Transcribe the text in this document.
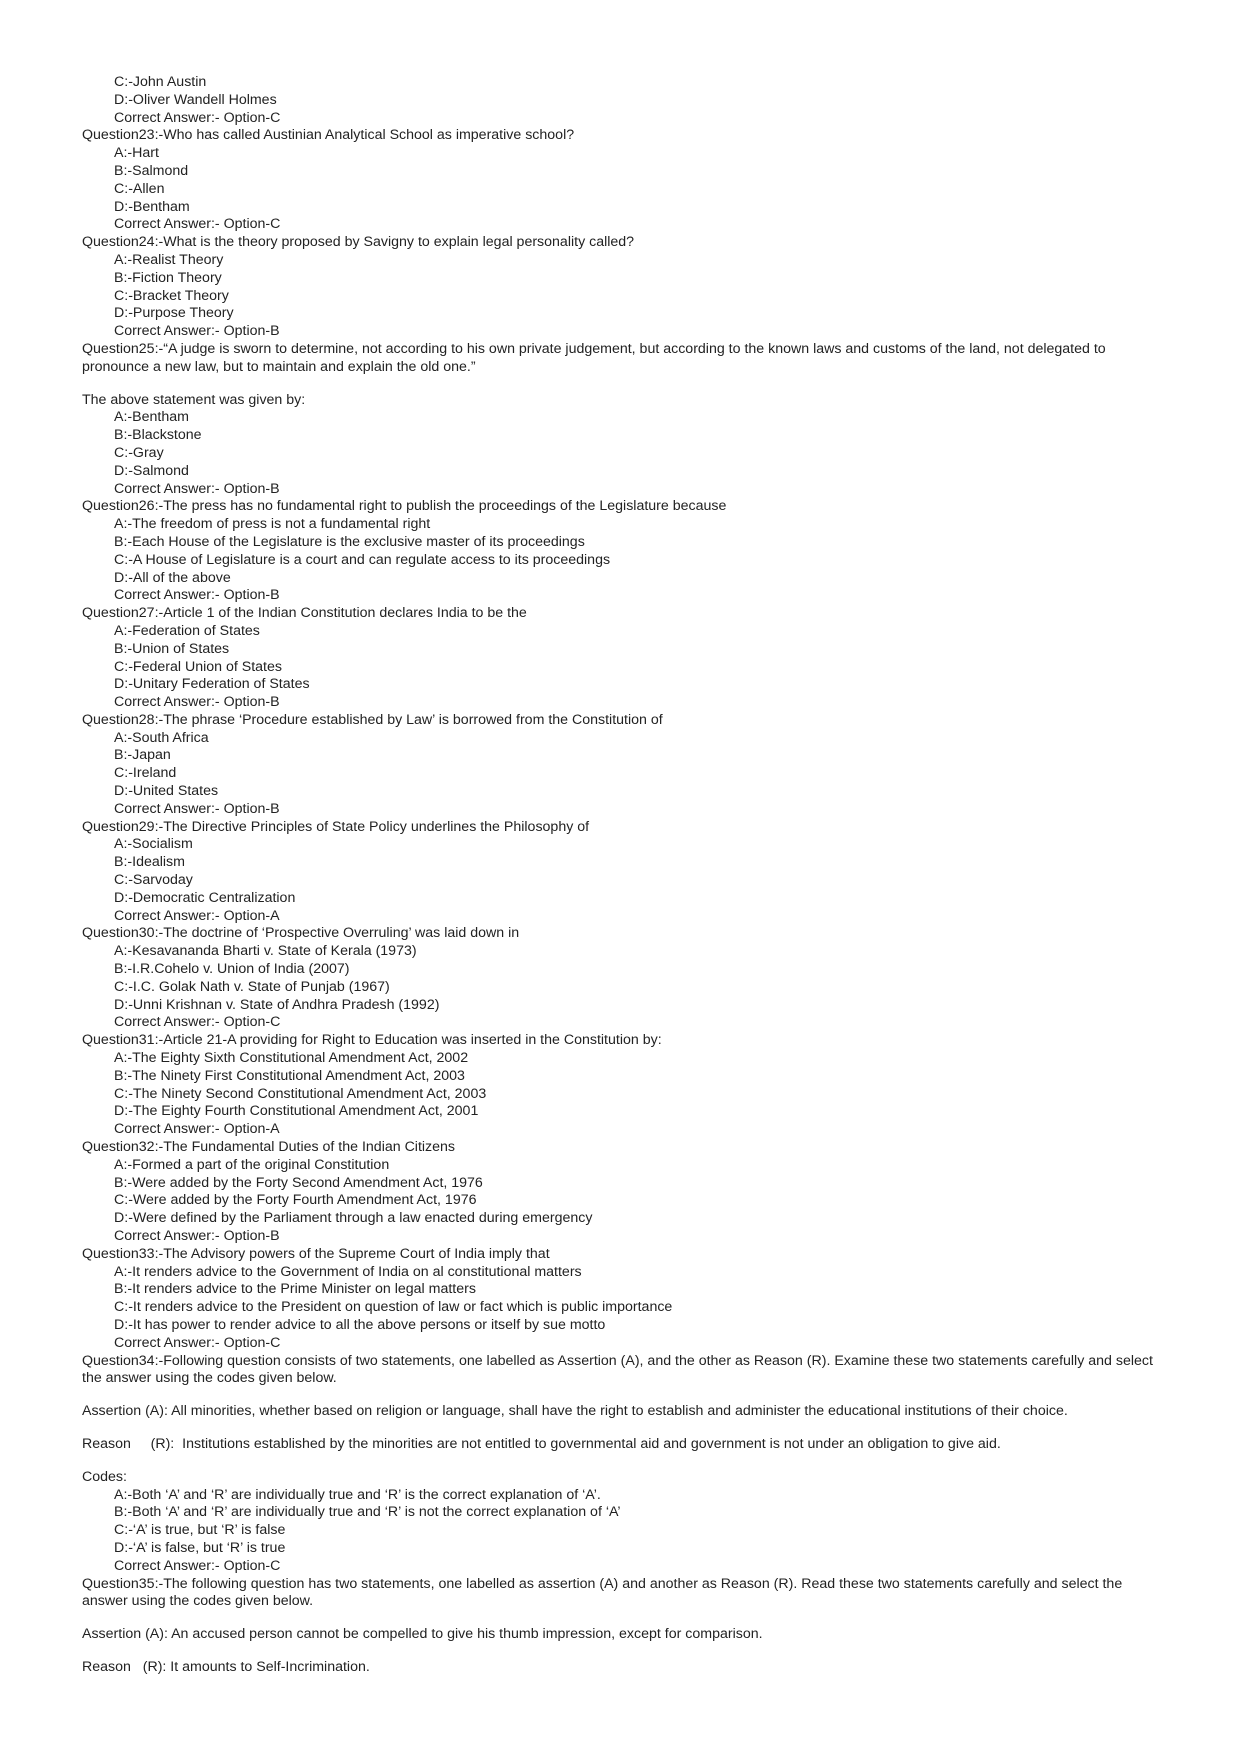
C:-John Austin
D:-Oliver Wandell Holmes
Correct Answer:- Option-C
Question23:-Who has called Austinian Analytical School as imperative school?
A:-Hart
B:-Salmond
C:-Allen
D:-Bentham
Correct Answer:- Option-C
Question24:-What is the theory proposed by Savigny to explain legal personality called?
A:-Realist Theory
B:-Fiction Theory
C:-Bracket Theory
D:-Purpose Theory
Correct Answer:- Option-B
Question25:-“A judge is sworn to determine, not according to his own private judgement, but according to the known laws and customs of the land, not delegated to pronounce a new law, but to maintain and explain the old one.”
The above statement was given by:
A:-Bentham
B:-Blackstone
C:-Gray
D:-Salmond
Correct Answer:- Option-B
Question26:-The press has no fundamental right to publish the proceedings of the Legislature because
A:-The freedom of press is not a fundamental right
B:-Each House of the Legislature is the exclusive master of its proceedings
C:-A House of Legislature is a court and can regulate access to its proceedings
D:-All of the above
Correct Answer:- Option-B
Question27:-Article 1 of the Indian Constitution declares India to be the
A:-Federation of States
B:-Union of States
C:-Federal Union of States
D:-Unitary Federation of States
Correct Answer:- Option-B
Question28:-The phrase ‘Procedure established by Law’ is borrowed from the Constitution of
A:-South Africa
B:-Japan
C:-Ireland
D:-United States
Correct Answer:- Option-B
Question29:-The Directive Principles of State Policy underlines the Philosophy of
A:-Socialism
B:-Idealism
C:-Sarvoday
D:-Democratic Centralization
Correct Answer:- Option-A
Question30:-The doctrine of ‘Prospective Overruling’ was laid down in
A:-Kesavananda Bharti v. State of Kerala (1973)
B:-I.R.Cohelo v. Union of India (2007)
C:-I.C. Golak Nath v. State of Punjab (1967)
D:-Unni Krishnan v. State of Andhra Pradesh (1992)
Correct Answer:- Option-C
Question31:-Article 21-A providing for Right to Education was inserted in the Constitution by:
A:-The Eighty Sixth Constitutional Amendment Act, 2002
B:-The Ninety First Constitutional Amendment Act, 2003
C:-The Ninety Second Constitutional Amendment Act, 2003
D:-The Eighty Fourth Constitutional Amendment Act, 2001
Correct Answer:- Option-A
Question32:-The Fundamental Duties of the Indian Citizens
A:-Formed a part of the original Constitution
B:-Were added by the Forty Second Amendment Act, 1976
C:-Were added by the Forty Fourth Amendment Act, 1976
D:-Were defined by the Parliament through a law enacted during emergency
Correct Answer:- Option-B
Question33:-The Advisory powers of the Supreme Court of India imply that
A:-It renders advice to the Government of India on al constitutional matters
B:-It renders advice to the Prime Minister on legal matters
C:-It renders advice to the President on question of law or fact which is public importance
D:-It has power to render advice to all the above persons or itself by sue motto
Correct Answer:- Option-C
Question34:-Following question consists of two statements, one labelled as Assertion (A), and the other as Reason (R). Examine these two statements carefully and select the answer using the codes given below.
Assertion (A): All minorities, whether based on religion or language, shall have the right to establish and administer the educational institutions of their choice.
Reason     (R):  Institutions established by the minorities are not entitled to governmental aid and government is not under an obligation to give aid.
Codes:
A:-Both ‘A’ and ‘R’ are individually true and ‘R’ is the correct explanation of ‘A’.
B:-Both ‘A’ and ‘R’ are individually true and ‘R’ is not the correct explanation of ‘A’
C:-‘A’ is true, but ‘R’ is false
D:-‘A’ is false, but ‘R’ is true
Correct Answer:- Option-C
Question35:-The following question has two statements, one labelled as assertion (A) and another as Reason (R). Read these two statements carefully and select the answer using the codes given below.
Assertion (A): An accused person cannot be compelled to give his thumb impression, except for comparison.
Reason   (R): It amounts to Self-Incrimination.
